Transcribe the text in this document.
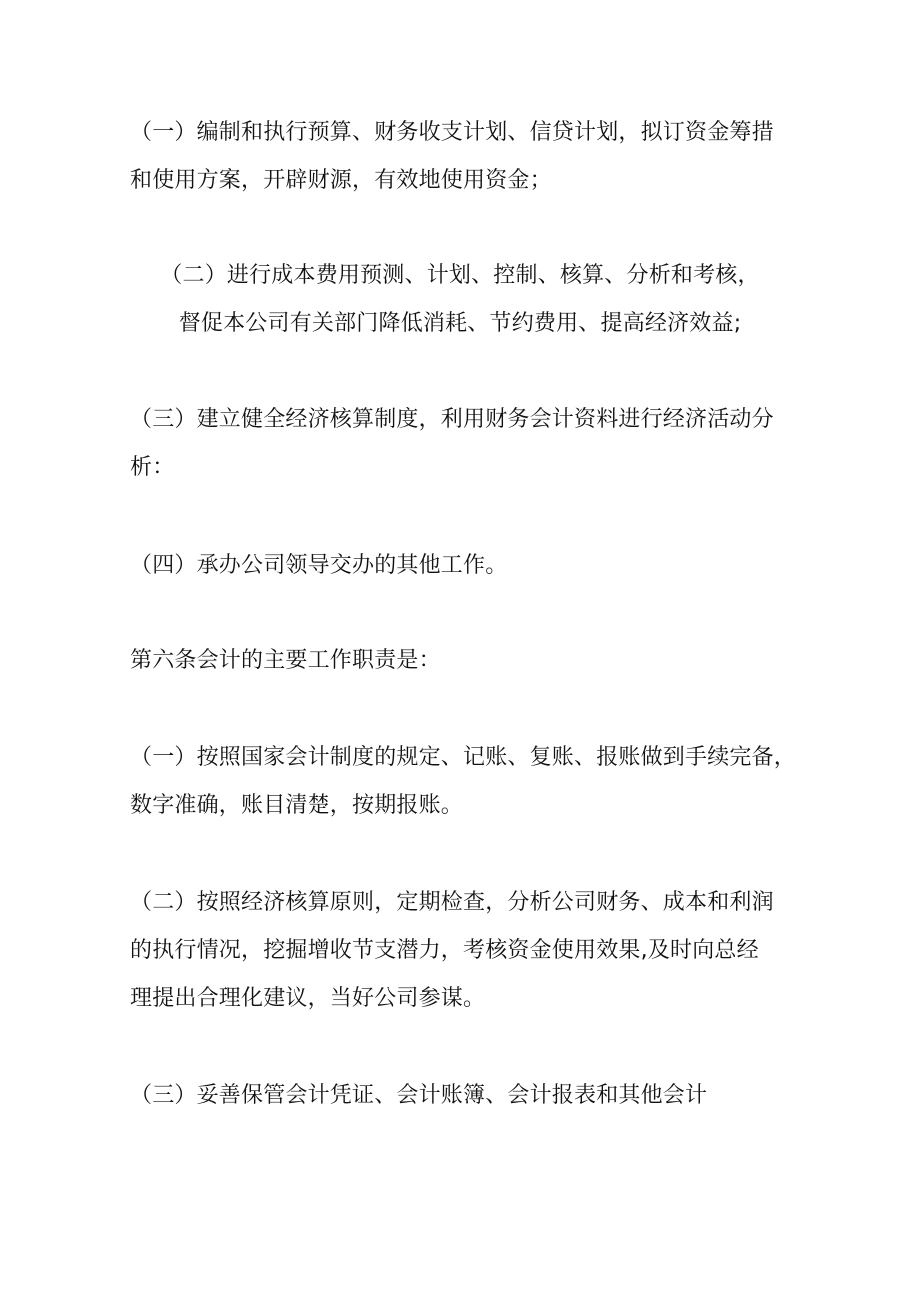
（一）编制和执行预算、财务收支计划、信贷计划，拟订资金筹措
和使用方案，开辟财源，有效地使用资金；
（二）进行成本费用预测、计划、控制、核算、分析和考核，
督促本公司有关部门降低消耗、节约费用、提高经济效益;
（三）建立健全经济核算制度，利用财务会计资料进行经济活动分
析：
（四）承办公司领导交办的其他工作。
第六条会计的主要工作职责是：
（一）按照国家会计制度的规定、记账、复账、报账做到手续完备，
数字准确，账目清楚，按期报账。
（二）按照经济核算原则，定期检查，分析公司财务、成本和利润
的执行情况，挖掘增收节支潜力，考核资金使用效果,及时向总经
理提出合理化建议，当好公司参谋。
（三）妥善保管会计凭证、会计账簿、会计报表和其他会计
